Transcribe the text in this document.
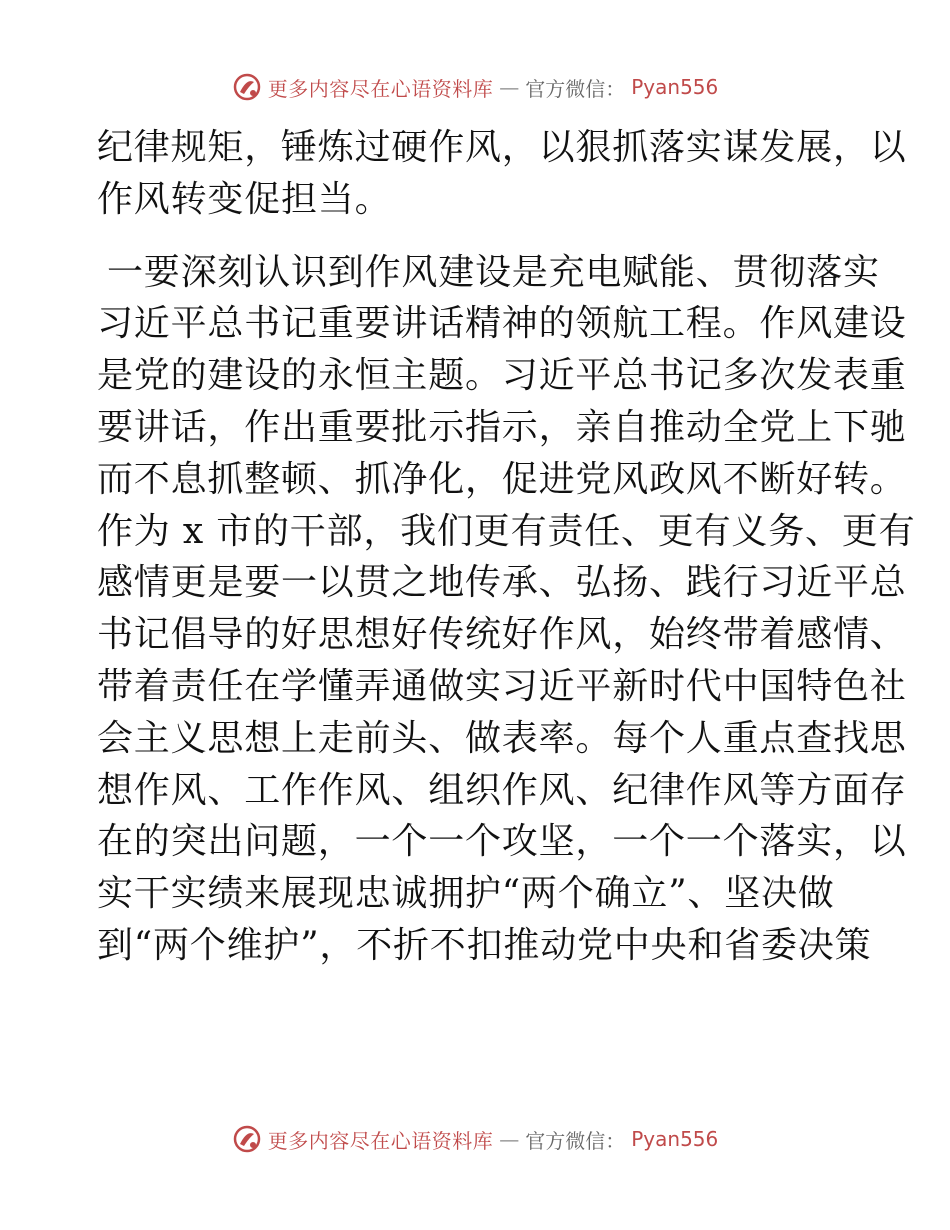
更多内容尽在心语资料库 — 官方微信： Pyan556
纪律规矩，锤炼过硬作风，以狠抓落实谋发展，以
作风转变促担当。
一要深刻认识到作风建设是充电赋能、贯彻落实
习近平总书记重要讲话精神的领航工程。作风建设
是党的建设的永恒主题。习近平总书记多次发表重
要讲话，作出重要批示指示，亲自推动全党上下驰
而不息抓整顿、抓净化，促进党风政风不断好转。
作为 x 市的干部，我们更有责任、更有义务、更有
感情更是要一以贯之地传承、弘扬、践行习近平总
书记倡导的好思想好传统好作风，始终带着感情、
带着责任在学懂弄通做实习近平新时代中国特色社
会主义思想上走前头、做表率。每个人重点查找思
想作风、工作作风、组织作风、纪律作风等方面存
在的突出问题，一个一个攻坚，一个一个落实，以
实干实绩来展现忠诚拥护“两个确立”、坚决做
到“两个维护”，不折不扣推动党中央和省委决策
更多内容尽在心语资料库 — 官方微信： Pyan556
